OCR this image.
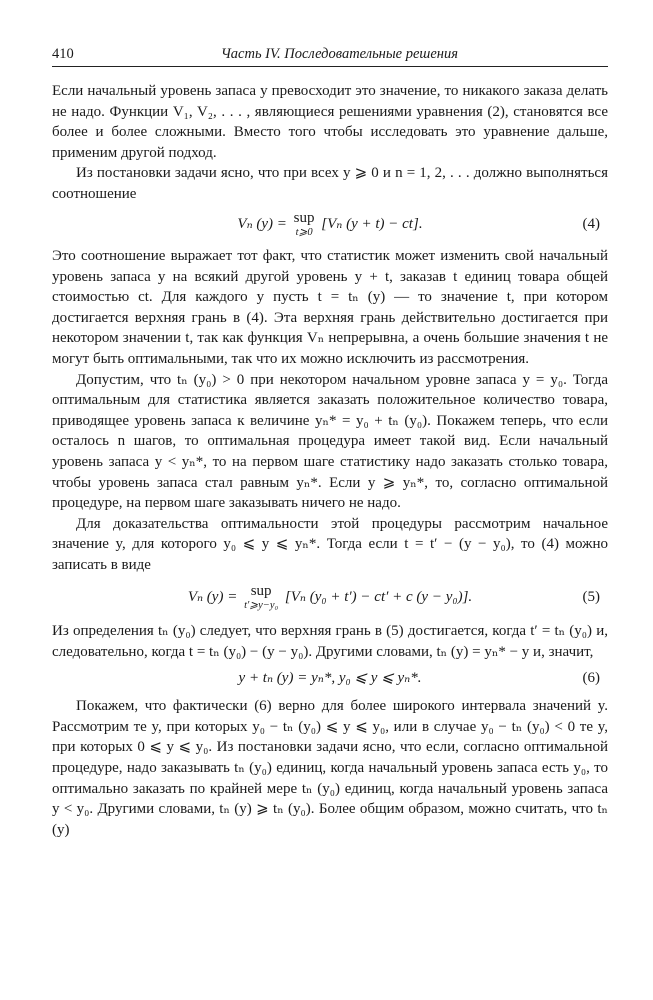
410	Часть IV. Последовательные решения

Если начальный уровень запаса y превосходит это значение, то никакого заказа делать не надо. Функции V₁, V₂, . . . , являющиеся решениями уравнения (2), становятся все более и более сложными. Вместо того чтобы исследовать это уравнение дальше, применим другой подход.

Из постановки задачи ясно, что при всех y ⩾ 0 и n = 1, 2, . . . должно выполняться соотношение

Vₙ (y) = sup
t⩾0
[Vₙ (y + t) − ct].	(4)

Это соотношение выражает тот факт, что статистик может изменить свой начальный уровень запаса y на всякий другой уровень y + t, заказав t единиц товара общей стоимостью ct. Для каждого y пусть t = tₙ (y) — то значение t, при котором достигается верхняя грань в (4). Эта верхняя грань действительно достигается при некотором значении t, так как функция Vₙ непрерывна, а очень большие значения t не могут быть оптимальными, так что их можно исключить из рассмотрения.

Допустим, что tₙ (y₀) > 0 при некотором начальном уровне запаса y = y₀. Тогда оптимальным для статистика является заказать положительное количество товара, приводящее уровень запаса к величине yₙ* = y₀ + tₙ (y₀). Покажем теперь, что если осталось n шагов, то оптимальная процедура имеет такой вид. Если начальный уровень запаса y < yₙ*, то на первом шаге статистику надо заказать столько товара, чтобы уровень запаса стал равным yₙ*. Если y ⩾ yₙ*, то, согласно оптимальной процедуре, на первом шаге заказывать ничего не надо.

Для доказательства оптимальности этой процедуры рассмотрим начальное значение y, для которого y₀ ⩽ y ⩽ yₙ*. Тогда если t = t′ − (y − y₀), то (4) можно записать в виде

Vₙ (y) = sup
t′⩾y−y₀
[Vₙ (y₀ + t′) − ct′ + c (y − y₀)].	(5)

Из определения tₙ (y₀) следует, что верхняя грань в (5) достигается, когда t′ = tₙ (y₀) и, следовательно, когда t = tₙ (y₀) − (y − y₀). Другими словами, tₙ (y) = yₙ* − y и, значит,

y + tₙ (y) = yₙ*, y₀ ⩽ y ⩽ yₙ*.	(6)

Покажем, что фактически (6) верно для более широкого интервала значений y. Рассмотрим те y, при которых y₀ − tₙ (y₀) ⩽ y ⩽ y₀, или в случае y₀ − tₙ (y₀) < 0 те y, при которых 0 ⩽ y ⩽ y₀. Из постановки задачи ясно, что если, согласно оптимальной процедуре, надо заказывать tₙ (y₀) единиц, когда начальный уровень запаса есть y₀, то оптимально заказать по крайней мере tₙ (y₀) единиц, когда начальный уровень запаса y < y₀. Другими словами, tₙ (y) ⩾ tₙ (y₀). Более общим образом, можно считать, что tₙ (y)
